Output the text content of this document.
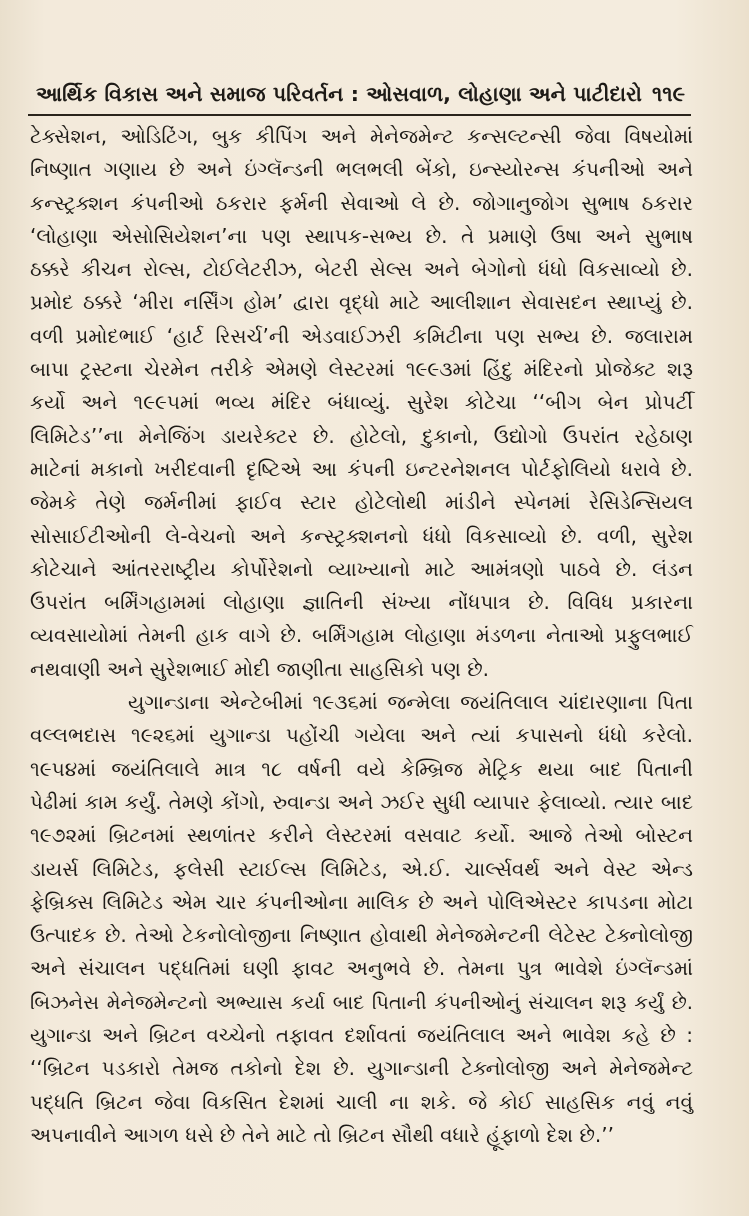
આર્થિક વિકાસ અને સમાજ પરિવર્તન : ઓસવાળ, લોહાણા અને પાટીદારો ૧૧૯
ટેક્સેશન, ઓડિટિંગ, બુક કીપિંગ અને મેનેજમેન્ટ કન્સલ્ટન્સી જેવા વિષયોમાં
નિષ્ણાત ગણાય છે અને ઇંગ્લૅન્ડની ભલભલી બેંકો, ઇન્સ્યોરન્સ કંપનીઓ અને
કન્સ્ટ્રક્શન કંપનીઓ ઠકરાર ફર્મની સેવાઓ લે છે. જોગાનુજોગ સુભાષ ઠકરાર
‘લોહાણા એસોસિયેશન’ના પણ સ્થાપક-સભ્ય છે. તે પ્રમાણે ઉષા અને સુભાષ
ઠક્કરે કીચન રોલ્સ, ટોઈલેટરીઝ, બેટરી સેલ્સ અને બેગોનો ધંધો વિકસાવ્યો છે.
પ્રમોદ ઠક્કરે ‘મીરા નર્સિંગ હોમ’ દ્વારા વૃદ્ધો માટે આલીશાન સેવાસદન સ્થાપ્યું છે.
વળી પ્રમોદભાઈ ‘હાર્ટ રિસર્ચ’ની એડવાઈઝરી કમિટીના પણ સભ્ય છે. જલારામ
બાપા ટ્રસ્ટના ચેરમેન તરીકે એમણે લેસ્ટરમાં ૧૯૯૩માં હિંદુ મંદિરનો પ્રોજેક્ટ શરૂ
કર્યો અને ૧૯૯૫માં ભવ્ય મંદિર બંધાવ્યું. સુરેશ કોટેચા ‘‘બીગ બેન પ્રોપર્ટી
લિમિટેડ’’ના મેનેજિંગ ડાયરેક્ટર છે. હોટેલો, દુકાનો, ઉદ્યોગો ઉપરાંત રહેઠાણ
માટેનાં મકાનો ખરીદવાની દૃષ્ટિએ આ કંપની ઇન્ટરનેશનલ પોર્ટફોલિયો ધરાવે છે.
જેમકે તેણે જર્મનીમાં ફાઈવ સ્ટાર હોટેલોથી માંડીને સ્પેનમાં રેસિડેન્સિયલ
સોસાઈટીઓની લે-વેચનો અને કન્સ્ટ્રક્શનનો ધંધો વિકસાવ્યો છે. વળી, સુરેશ
કોટેચાને આંતરરાષ્ટ્રીય કોર્પોરેશનો વ્યાખ્યાનો માટે આમંત્રણો પાઠવે છે. લંડન
ઉપરાંત બર્મિંગહામમાં લોહાણા જ્ઞાતિની સંખ્યા નોંધપાત્ર છે. વિવિધ પ્રકારના
વ્યવસાયોમાં તેમની હાક વાગે છે. બર્મિંગહામ લોહાણા મંડળના નેતાઓ પ્રફુલભાઈ
નથવાણી અને સુરેશભાઈ મોદી જાણીતા સાહસિકો પણ છે.
યુગાન્ડાના એન્ટેબીમાં ૧૯૩૬માં જન્મેલા જયંતિલાલ ચાંદારણાના પિતા
વલ્લભદાસ ૧૯૨૬માં યુગાન્ડા પહોંચી ગયેલા અને ત્યાં કપાસનો ધંધો કરેલો.
૧૯૫૪માં જયંતિલાલે માત્ર ૧૮ વર્ષની વયે કેમ્બ્રિજ મેટ્રિક થયા બાદ પિતાની
પેઢીમાં કામ કર્યું. તેમણે કોંગો, રુવાન્ડા અને ઝઈર સુધી વ્યાપાર ફેલાવ્યો. ત્યાર બાદ
૧૯૭૨માં બ્રિટનમાં સ્થળાંતર કરીને લેસ્ટરમાં વસવાટ કર્યો. આજે તેઓ બોસ્ટન
ડાયર્સ લિમિટેડ, ફલેસી સ્ટાઈલ્સ લિમિટેડ, એ.ઈ. ચાર્લ્સવર્થ અને વેસ્ટ એન્ડ
ફેબ્રિક્સ લિમિટેડ એમ ચાર કંપનીઓના માલિક છે અને પોલિએસ્ટર કાપડના મોટા
ઉત્પાદક છે. તેઓ ટેકનોલોજીના નિષ્ણાત હોવાથી મેનેજમેન્ટની લેટેસ્ટ ટેક્નોલોજી
અને સંચાલન પદ્ધતિમાં ઘણી ફાવટ અનુભવે છે. તેમના પુત્ર ભાવેશે ઇંગ્લૅન્ડમાં
બિઝનેસ મેનેજમેન્ટનો અભ્યાસ કર્યા બાદ પિતાની કંપનીઓનું સંચાલન શરૂ કર્યું છે.
યુગાન્ડા અને બ્રિટન વચ્ચેનો તફાવત દર્શાવતાં જયંતિલાલ અને ભાવેશ કહે છે :
‘‘બ્રિટન પડકારો તેમજ તકોનો દેશ છે. યુગાન્ડાની ટેક્નોલોજી અને મેનેજમેન્ટ
પદ્ધતિ બ્રિટન જેવા વિકસિત દેશમાં ચાલી ના શકે. જે કોઈ સાહસિક નવું નવું
અપનાવીને આગળ ધસે છે તેને માટે તો બ્રિટન સૌથી વધારે હૂંફાળો દેશ છે.’’
